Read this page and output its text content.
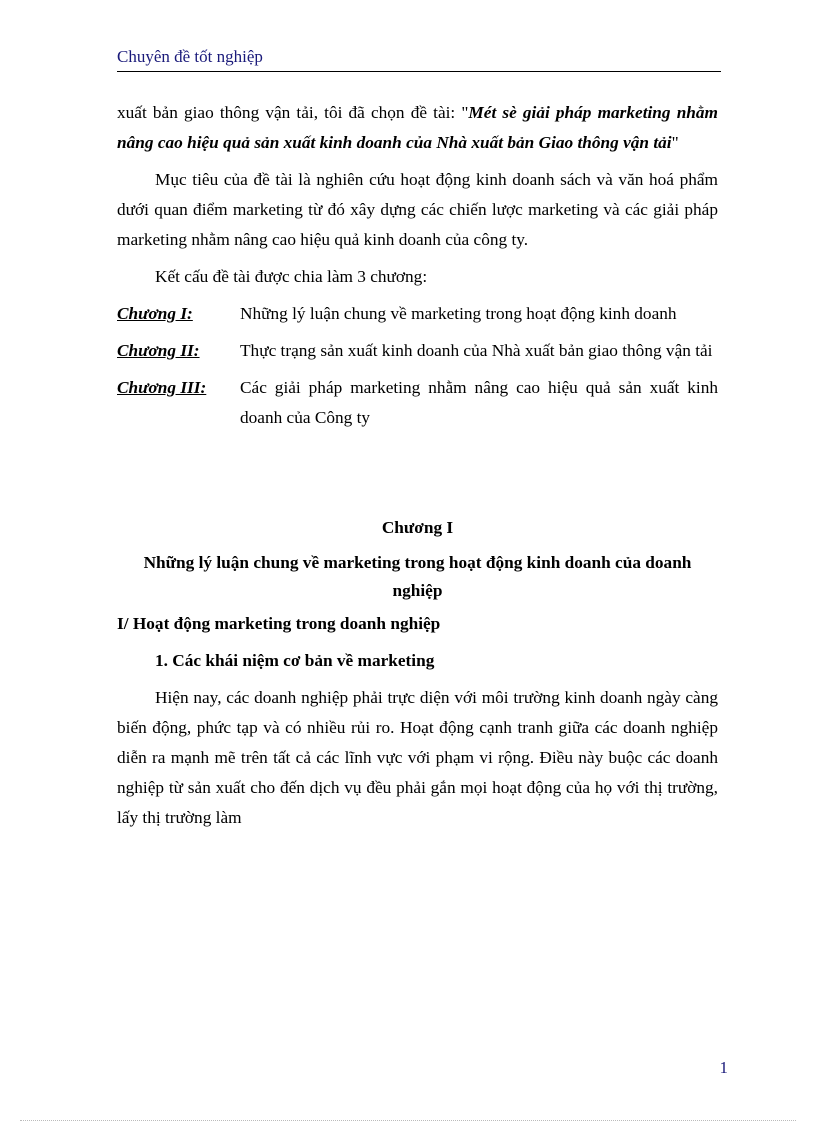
Chuyên đề tốt nghiệp

xuất bản giao thông vận tải, tôi đã chọn đề tài: "Mét sè giải pháp marketing nhằm nâng cao hiệu quả sản xuất kinh doanh của Nhà xuất bản Giao thông vận tải"

Mục tiêu của đề tài là nghiên cứu hoạt động kinh doanh sách và văn hoá phẩm dưới quan điểm marketing từ đó xây dựng các chiến lược marketing và các giải pháp marketing nhằm nâng cao hiệu quả kinh doanh của công ty.

Kết cấu đề tài được chia làm 3 chương:

Chương I:	Những lý luận chung về marketing trong hoạt động kinh doanh
Chương II:	Thực trạng sản xuất kinh doanh của Nhà xuất bản giao thông vận tải
Chương III:	Các giải pháp marketing nhằm nâng cao hiệu quả sản xuất kinh doanh của Công ty

Chương I

Những lý luận chung về marketing trong hoạt động kinh doanh của doanh nghiệp

I/ Hoạt động marketing trong doanh nghiệp

1. Các khái niệm cơ bản về marketing

Hiện nay, các doanh nghiệp phải trực diện với môi trường kinh doanh ngày càng biến động, phức tạp và có nhiều rủi ro. Hoạt động cạnh tranh giữa các doanh nghiệp diễn ra mạnh mẽ trên tất cả các lĩnh vực với phạm vi rộng. Điều này buộc các doanh nghiệp từ sản xuất cho đến dịch vụ đều phải gắn mọi hoạt động của họ với thị trường, lấy thị trường làm

1
